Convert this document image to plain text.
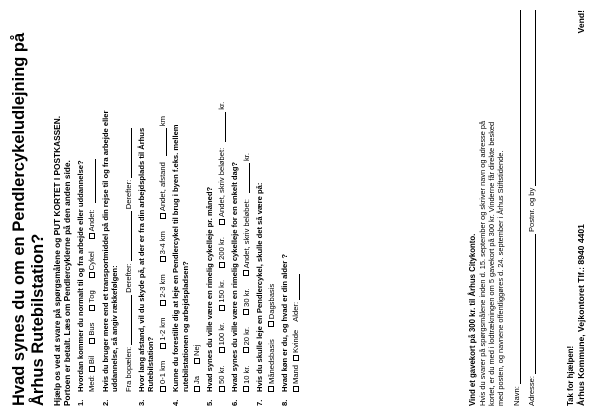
Hvad synes du om en Pendlercykeludlejning på Århus Rutebilstation? Hjælp os ved at svare på spørgsmålene og PUT KORTET I POSTKASSEN. Portoen er betalt. Læs om Pendlercyklerne på den anden side. 1.Hvordan kommer du normalt til og fra arbejde eller uddannelse? Med:
Bil
Bus
Tog
Cykel
Andet:
2.Hvis du bruger mere end et transportmiddel på din rejse til og fra arbejde eller uddannelse, så angiv rækkefølgen: Fra bopælen:
Derefter:
Derefter:
3.Hvor lang afstand, vil du skyde på, at der er fra din arbejdsplads til Århus Rutebilstation? 0-1 km
1-2 km
2-3 km
3-4 km
Andet, afstand
km
4.Kunne du forestille dig at leje en Pendlercykel til brug i byen f.eks. mellem rutebilstationen og arbejdspladsen? Ja
Nej
5.Hvad synes du ville være en rimelig cykelleje pr. måned? 50 kr.
100 kr.
150 kr.
200 kr.
Andet, skriv beløbet:
kr.
6.Hvad synes du ville være en rimelig cykelleje for en enkelt dag? 10 kr.
20 kr.
30 kr.
Andet, skriv beløbet:
kr.
7.Hvis du skulle leje en Pendlercykel, skulle det så være på: Månedsbasis
Dagsbasis
8.Hvad køn er du, og hvad er din alder ? Mand
Kvinde
Alder:	Vind et gavekort på 300 kr. til Århus Citykonto. Hvis du svarer på spørgsmålene inden d. 15. september og skriver navn og adresse på kortet, er du med i lodtrækningen om 5 gavekort på 300 kr. Vinderne får direkte besked med posten, og navnene offentliggøres d. 24. september i Århus Stiftstidende. Navn: Adresse:
Postnr. og by
Tak for hjælpen! Århus Kommune, Vejkontoret Tlf.: 8940 4401
Vend!
